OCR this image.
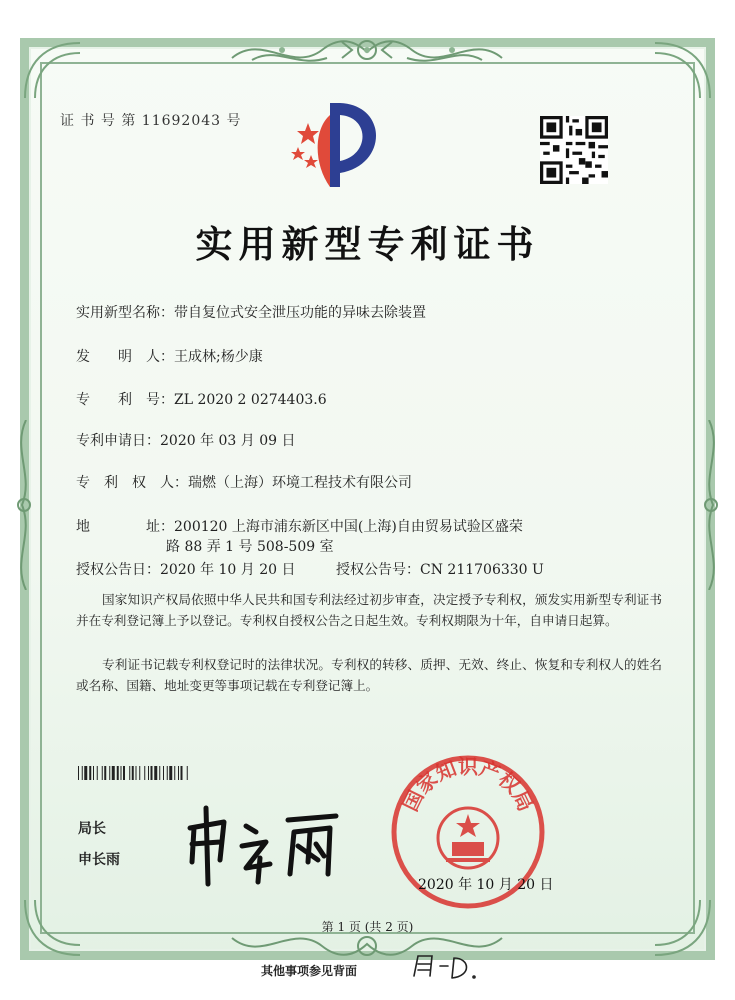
证 书 号 第 11692043 号
实用新型专利证书
实用新型名称：带自复位式安全泄压功能的异味去除装置
发　　明　人：王成林;杨少康
专　　利　号：ZL 2020 2 0274403.6
专利申请日：2020 年 03 月 09 日
专　利　权　人：瑞燃（上海）环境工程技术有限公司
地　　　　址：200120 上海市浦东新区中国(上海)自由贸易试验区盛荣
路 88 弄 1 号 508-509 室
授权公告日：2020 年 10 月 20 日	授权公告号：CN 211706330 U
国家知识产权局依照中华人民共和国专利法经过初步审查，决定授予专利权，颁发实用新型专利证书并在专利登记簿上予以登记。专利权自授权公告之日起生效。专利权期限为十年，自申请日起算。
专利证书记载专利权登记时的法律状况。专利权的转移、质押、无效、终止、恢复和专利权人的姓名或名称、国籍、地址变更等事项记载在专利登记簿上。
局长
申长雨
国家知识产权局
2020 年 10 月 20 日
第 1 页 (共 2 页)
其他事项参见背面
